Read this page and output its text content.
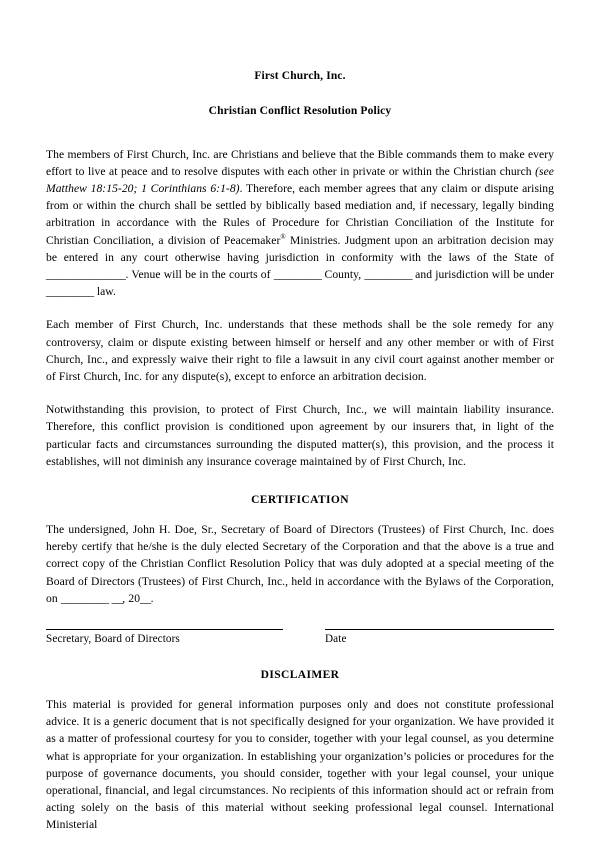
First Church, Inc.
Christian Conflict Resolution Policy

The members of First Church, Inc. are Christians and believe that the Bible commands them to make every effort to live at peace and to resolve disputes with each other in private or within the Christian church (see Matthew 18:15-20; 1 Corinthians 6:1-8). Therefore, each member agrees that any claim or dispute arising from or within the church shall be settled by biblically based mediation and, if necessary, legally binding arbitration in accordance with the Rules of Procedure for Christian Conciliation of the Institute for Christian Conciliation, a division of Peacemaker® Ministries. Judgment upon an arbitration decision may be entered in any court otherwise having jurisdiction in conformity with the laws of the State of _______________. Venue will be in the courts of _________ County, _________ and jurisdiction will be under _________ law.

Each member of First Church, Inc. understands that these methods shall be the sole remedy for any controversy, claim or dispute existing between himself or herself and any other member or with of First Church, Inc., and expressly waive their right to file a lawsuit in any civil court against another member or of First Church, Inc. for any dispute(s), except to enforce an arbitration decision.

Notwithstanding this provision, to protect of First Church, Inc., we will maintain liability insurance. Therefore, this conflict provision is conditioned upon agreement by our insurers that, in light of the particular facts and circumstances surrounding the disputed matter(s), this provision, and the process it establishes, will not diminish any insurance coverage maintained by of First Church, Inc.

CERTIFICATION

The undersigned, John H. Doe, Sr., Secretary of Board of Directors (Trustees) of First Church, Inc. does hereby certify that he/she is the duly elected Secretary of the Corporation and that the above is a true and correct copy of the Christian Conflict Resolution Policy that was duly adopted at a special meeting of the Board of Directors (Trustees) of First Church, Inc., held in accordance with the Bylaws of the Corporation, on _________ __, 20__.

Secretary, Board of Directors	Date
DISCLAIMER

This material is provided for general information purposes only and does not constitute professional advice. It is a generic document that is not specifically designed for your organization. We have provided it as a matter of professional courtesy for you to consider, together with your legal counsel, as you determine what is appropriate for your organization. In establishing your organization’s policies or procedures for the purpose of governance documents, you should consider, together with your legal counsel, your unique operational, financial, and legal circumstances. No recipients of this information should act or refrain from acting solely on the basis of this material without seeking professional legal counsel. International Ministerial
